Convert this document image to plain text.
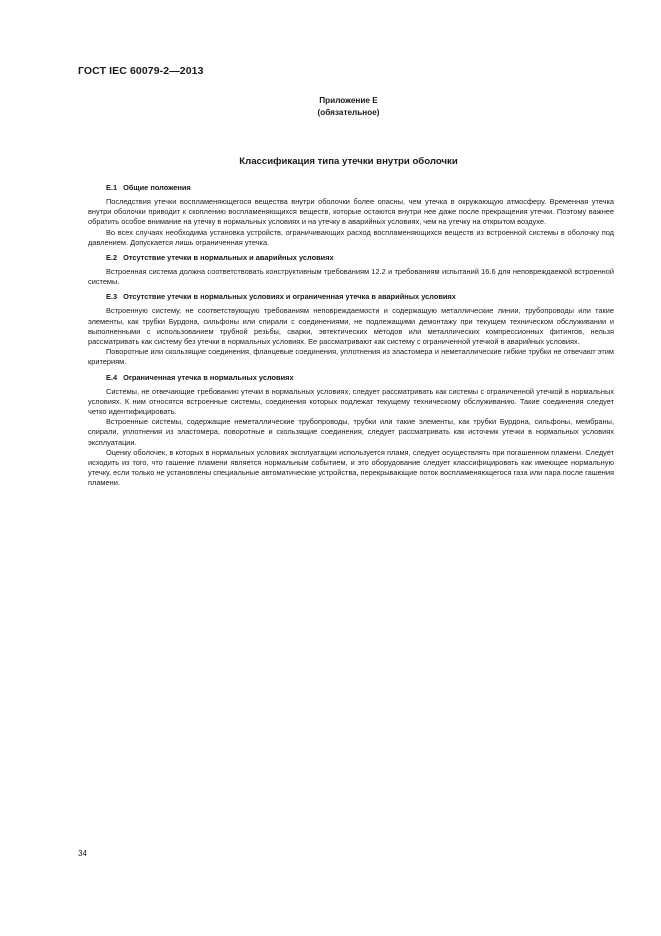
ГОСТ IEC 60079-2—2013
Приложение Е
(обязательное)
Классификация типа утечки внутри оболочки
Е.1 Общие положения

Последствия утечки воспламеняющегося вещества внутри оболочки более опасны, чем утечка в окружающую атмосферу. Временная утечка внутри оболочки приводит к скоплению воспламеняющихся веществ, которые остаются внутри нее даже после прекращения утечки. Поэтому важнее обратить особое внимание на утечку в нормальных условиях и на утечку в аварийных условиях, чем на утечку на открытом воздухе.

Во всех случаях необходима установка устройств, ограничивающих расход воспламеняющихся веществ из встроенной системы в оболочку под давлением. Допускается лишь ограниченная утечка.

Е.2 Отсутствие утечки в нормальных и аварийных условиях

Встроенная система должна соответствовать конструктивным требованиям 12.2 и требованиям испытаний 16.6 для неповреждаемой встроенной системы.

Е.3 Отсутствие утечки в нормальных условиях и ограниченная утечка в аварийных условиях

Встроенную систему, не соответствующую требованиям неповреждаемости и содержащую металлические линии, трубопроводы или такие элементы, как трубки Бурдона, сильфоны или спирали с соединениями, не подлежащими демонтажу при текущем техническом обслуживании и выполненными с использованием трубной резьбы, сварки, эвтектических методов или металлических компрессионных фитингов, нельзя рассматривать как систему без утечки в нормальных условиях. Ее рассматривают как систему с ограниченной утечкой в аварийных условиях.

Поворотные или скользящие соединения, фланцевые соединения, уплотнения из эластомера и неметаллические гибкие трубки не отвечают этим критериям.

Е.4 Ограниченная утечка в нормальных условиях

Системы, не отвечающие требованию утечки в нормальных условиях, следует рассматривать как системы с ограниченной утечкой в нормальных условиях. К ним относятся встроенные системы, соединения которых подлежат текущему техническому обслуживанию. Такие соединения следует четко идентифицировать.

Встроенные системы, содержащие неметаллические трубопроводы, трубки или такие элементы, как трубки Бурдона, сильфоны, мембраны, спирали, уплотнения из эластомера, поворотные и скользящие соединения, следует рассматривать как источник утечки в нормальных условиях эксплуатации.

Оценку оболочек, в которых в нормальных условиях эксплуатации используется пламя, следует осуществлять при погашенном пламени. Следует исходить из того, что гашение пламени является нормальным событием, и это оборудование следует классифицировать как имеющее нормальную утечку, если только не установлены специальные автоматические устройства, перекрывающие поток воспламеняющегося газа или пара после гашения пламени.

34
